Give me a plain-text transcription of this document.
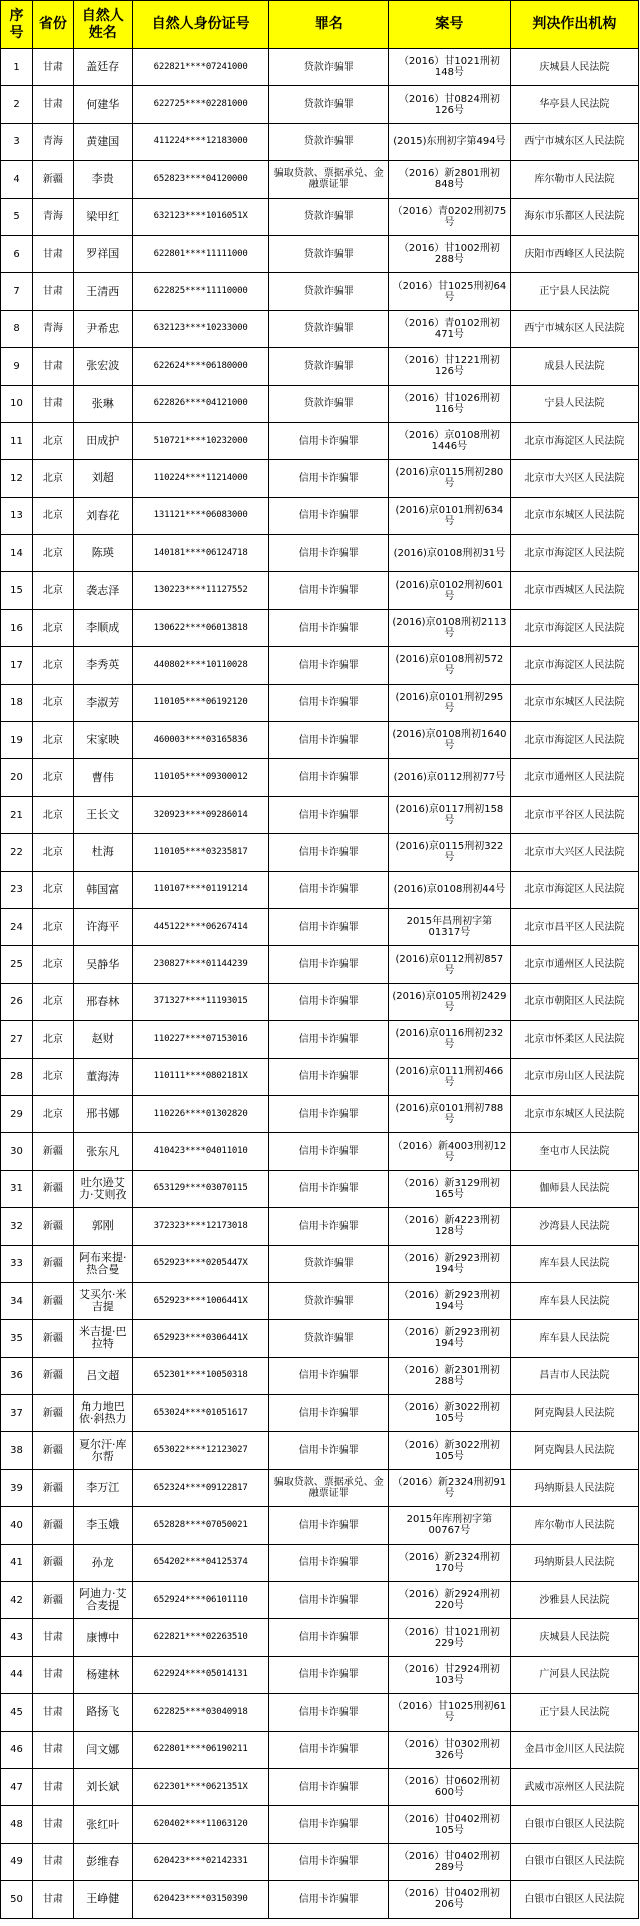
序号	省份	自然人姓名	自然人身份证号	罪名	案号	判决作出机构
1	甘肃	盖廷存	622821****07241000	贷款诈骗罪	（2016）甘1021刑初148号	庆城县人民法院
2	甘肃	何建华	622725****02281000	贷款诈骗罪	（2016）甘0824刑初126号	华亭县人民法院
3	青海	黄建国	411224****12183000	贷款诈骗罪	(2015)东刑初字第494号	西宁市城东区人民法院
4	新疆	李贵	652823****04120000	骗取贷款、票据承兑、金融票证罪	（2016）新2801刑初848号	库尔勒市人民法院
5	青海	梁甲红	632123****1016051X	贷款诈骗罪	（2016）青0202刑初75号	海东市乐都区人民法院
6	甘肃	罗祥国	622801****11111000	贷款诈骗罪	（2016）甘1002刑初288号	庆阳市西峰区人民法院
7	甘肃	王清西	622825****11110000	贷款诈骗罪	（2016）甘1025刑初64号	正宁县人民法院
8	青海	尹希忠	632123****10233000	贷款诈骗罪	（2016）青0102刑初471号	西宁市城东区人民法院
9	甘肃	张宏波	622624****06180000	贷款诈骗罪	（2016）甘1221刑初126号	成县人民法院
10	甘肃	张琳	622826****04121000	贷款诈骗罪	（2016）甘1026刑初116号	宁县人民法院
11	北京	田成护	510721****10232000	信用卡诈骗罪	（2016）京0108刑初1446号	北京市海淀区人民法院
12	北京	刘超	110224****11214000	信用卡诈骗罪	(2016)京0115刑初280号	北京市大兴区人民法院
13	北京	刘春花	131121****06083000	信用卡诈骗罪	(2016)京0101刑初634号	北京市东城区人民法院
14	北京	陈瑛	140181****06124718	信用卡诈骗罪	(2016)京0108刑初31号	北京市海淀区人民法院
15	北京	袭志泽	130223****11127552	信用卡诈骗罪	(2016)京0102刑初601号	北京市西城区人民法院
16	北京	李顺成	130622****06013818	信用卡诈骗罪	(2016)京0108刑初2113号	北京市海淀区人民法院
17	北京	李秀英	440802****10110028	信用卡诈骗罪	(2016)京0108刑初572号	北京市海淀区人民法院
18	北京	李淑芳	110105****06192120	信用卡诈骗罪	(2016)京0101刑初295号	北京市东城区人民法院
19	北京	宋家映	460003****03165836	信用卡诈骗罪	(2016)京0108刑初1640号	北京市海淀区人民法院
20	北京	曹伟	110105****09300012	信用卡诈骗罪	(2016)京0112刑初77号	北京市通州区人民法院
21	北京	王长文	320923****09286014	信用卡诈骗罪	(2016)京0117刑初158号	北京市平谷区人民法院
22	北京	杜海	110105****03235817	信用卡诈骗罪	(2016)京0115刑初322号	北京市大兴区人民法院
23	北京	韩国富	110107****01191214	信用卡诈骗罪	(2016)京0108刑初44号	北京市海淀区人民法院
24	北京	许海平	445122****06267414	信用卡诈骗罪	2015年昌刑初字第01317号	北京市昌平区人民法院
25	北京	吴静华	230827****01144239	信用卡诈骗罪	(2016)京0112刑初857号	北京市通州区人民法院
26	北京	邢春林	371327****11193015	信用卡诈骗罪	(2016)京0105刑初2429号	北京市朝阳区人民法院
27	北京	赵财	110227****07153016	信用卡诈骗罪	(2016)京0116刑初232号	北京市怀柔区人民法院
28	北京	董海涛	110111****0802181X	信用卡诈骗罪	(2016)京0111刑初466号	北京市房山区人民法院
29	北京	邢书娜	110226****01302820	信用卡诈骗罪	(2016)京0101刑初788号	北京市东城区人民法院
30	新疆	张东凡	410423****04011010	信用卡诈骗罪	（2016）新4003刑初12号	奎屯市人民法院
31	新疆	吐尔逊艾力·艾则孜	653129****03070115	信用卡诈骗罪	（2016）新3129刑初165号	伽师县人民法院
32	新疆	郭刚	372323****12173018	信用卡诈骗罪	（2016）新4223刑初128号	沙湾县人民法院
33	新疆	阿布来提·热合曼	652923****0205447X	贷款诈骗罪	（2016）新2923刑初194号	库车县人民法院
34	新疆	艾买尔·米吉提	652923****1006441X	贷款诈骗罪	（2016）新2923刑初194号	库车县人民法院
35	新疆	米吉提·巴拉特	652923****0306441X	贷款诈骗罪	（2016）新2923刑初194号	库车县人民法院
36	新疆	吕文超	652301****10050318	信用卡诈骗罪	（2016）新2301刑初288号	昌吉市人民法院
37	新疆	角力地巴依·斜热力	653024****01051617	信用卡诈骗罪	（2016）新3022刑初105号	阿克陶县人民法院
38	新疆	夏尔汗·库尔帮	653022****12123027	信用卡诈骗罪	（2016）新3022刑初105号	阿克陶县人民法院
39	新疆	李万江	652324****09122817	骗取贷款、票据承兑、金融票证罪	（2016）新2324刑初91号	玛纳斯县人民法院
40	新疆	李玉娥	652828****07050021	信用卡诈骗罪	2015年库刑初字第00767号	库尔勒市人民法院
41	新疆	孙龙	654202****04125374	信用卡诈骗罪	（2016）新2324刑初170号	玛纳斯县人民法院
42	新疆	阿迪力·艾合麦提	652924****06101110	信用卡诈骗罪	（2016）新2924刑初220号	沙雅县人民法院
43	甘肃	康博中	622821****02263510	信用卡诈骗罪	（2016）甘1021刑初229号	庆城县人民法院
44	甘肃	杨建林	622924****05014131	信用卡诈骗罪	（2016）甘2924刑初103号	广河县人民法院
45	甘肃	路扬飞	622825****03040918	信用卡诈骗罪	（2016）甘1025刑初61号	正宁县人民法院
46	甘肃	闫文娜	622801****06190211	信用卡诈骗罪	（2016）甘0302刑初326号	金昌市金川区人民法院
47	甘肃	刘长斌	622301****0621351X	信用卡诈骗罪	（2016）甘0602刑初600号	武威市凉州区人民法院
48	甘肃	张红叶	620402****11063120	信用卡诈骗罪	（2016）甘0402刑初105号	白银市白银区人民法院
49	甘肃	彭维春	620423****02142331	信用卡诈骗罪	（2016）甘0402刑初289号	白银市白银区人民法院
50	甘肃	王峥健	620423****03150390	信用卡诈骗罪	（2016）甘0402刑初206号	白银市白银区人民法院
